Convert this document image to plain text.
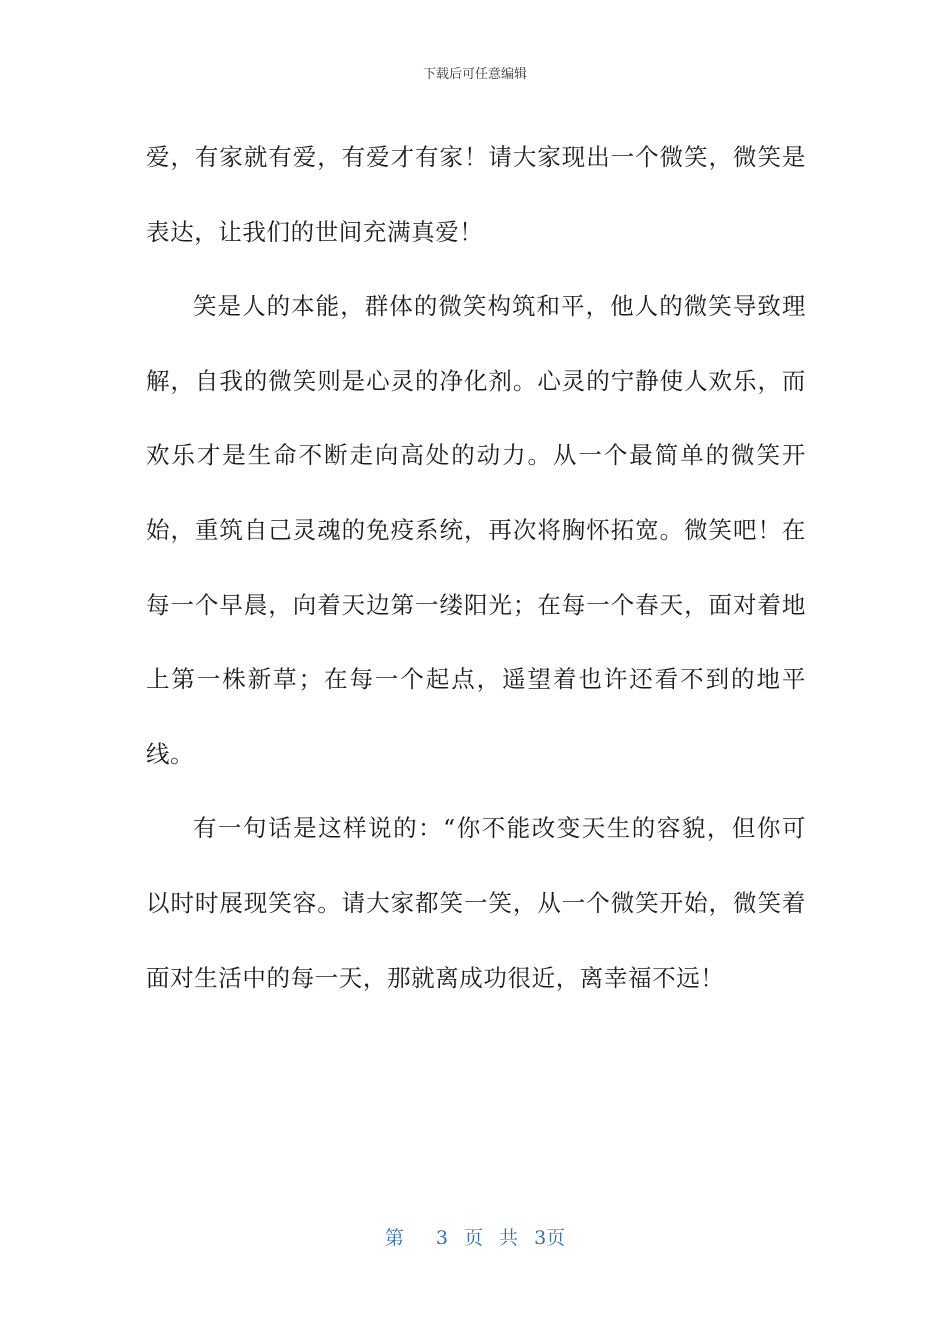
下载后可任意编辑

爱，有家就有爱，有爱才有家！请大家现出一个微笑，微笑是表达，让我们的世间充满真爱！

笑是人的本能，群体的微笑构筑和平，他人的微笑导致理解，自我的微笑则是心灵的净化剂。心灵的宁静使人欢乐，而欢乐才是生命不断走向高处的动力。从一个最简单的微笑开始，重筑自己灵魂的免疫系统，再次将胸怀拓宽。微笑吧！在每一个早晨，向着天边第一缕阳光；在每一个春天，面对着地上第一株新草；在每一个起点，遥望着也许还看不到的地平线。

有一句话是这样说的：“你不能改变天生的容貌，但你可以时时展现笑容。请大家都笑一笑，从一个微笑开始，微笑着面对生活中的每一天，那就离成功很近，离幸福不远！

第  3 页 共 3页
